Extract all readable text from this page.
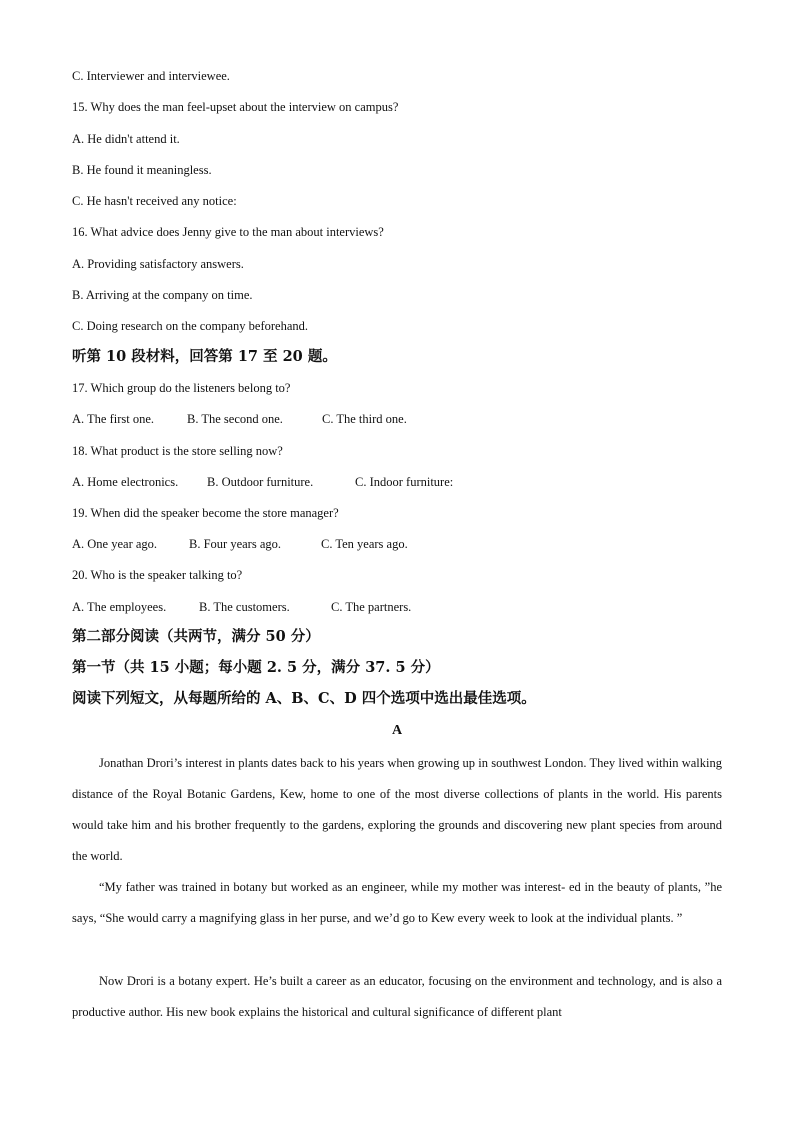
C. Interviewer and interviewee.
15. Why does the man feel-upset about the interview on campus?
A. He didn't attend it.
B. He found it meaningless.
C. He hasn't received any notice:
16. What advice does Jenny give to the man about interviews?
A. Providing satisfactory answers.
B. Arriving at the company on time.
C. Doing research on the company beforehand.
听第 10 段材料，回答第 17 至 20 题。
17. Which group do the listeners belong to?
A. The first one.	B. The second one.	C. The third one.
18. What product is the store selling now?
A. Home electronics. B. Outdoor furniture.	C. Indoor furniture:
19. When did the speaker become the store manager?
A. One year ago.	B. Four years ago.	C. Ten years ago.
20. Who is the speaker talking to?
A. The employees.	B. The customers.	C. The partners.
第二部分阅读（共两节，满分 50 分）
第一节（共 15 小题；每小题 2. 5 分，满分 37. 5 分）
阅读下列短文，从每题所给的 A、B、C、D 四个选项中选出最佳选项。
A
Jonathan Drori’s interest in plants dates back to his years when growing up in southwest London. They lived within walking distance of the Royal Botanic Gardens, Kew, home to one of the most diverse collections of plants in the world. His parents would take him and his brother frequently to the gardens, exploring the grounds and discovering new plant species from around the world.
“My father was trained in botany but worked as an engineer, while my mother was interest- ed in the beauty of plants, ”he says, “She would carry a magnifying glass in her purse, and we’d go to Kew every week to look at the individual plants. ”
Now Drori is a botany expert. He’s built a career as an educator, focusing on the environment and technology, and is also a productive author. His new book explains the historical and cultural significance of different plant
